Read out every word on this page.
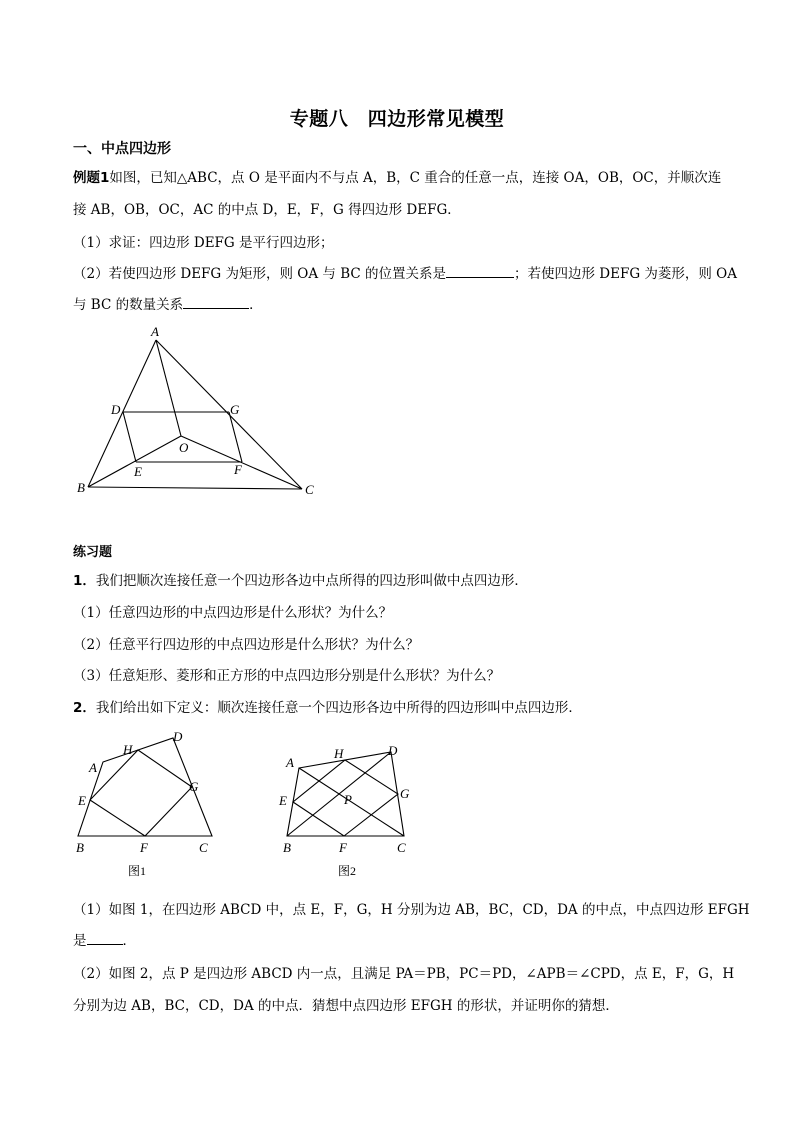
专题八　四边形常见模型
一、中点四边形
例题1如图，已知△ABC，点 O 是平面内不与点 A，B，C 重合的任意一点，连接 OA，OB，OC，并顺次连
接 AB，OB，OC，AC 的中点 D，E，F，G 得四边形 DEFG．
（1）求证：四边形 DEFG 是平行四边形；
（2）若使四边形 DEFG 为矩形，则 OA 与 BC 的位置关系是	；若使四边形 DEFG 为菱形，则 OA
与 BC 的数量关系	．
A
B	C
D	G
O
E	F
练习题
1．我们把顺次连接任意一个四边形各边中点所得的四边形叫做中点四边形．
（1）任意四边形的中点四边形是什么形状？为什么？
（2）任意平行四边形的中点四边形是什么形状？为什么？
（3）任意矩形、菱形和正方形的中点四边形分别是什么形状？为什么？
2．我们给出如下定义：顺次连接任意一个四边形各边中所得的四边形叫中点四边形．
A
D
H
E
G
B	F	C
图1
A
H	D
E	P	G
B	F	C
图2
（1）如图 1，在四边形 ABCD 中，点 E，F，G，H 分别为边 AB，BC，CD，DA 的中点，中点四边形 EFGH
是	．
（2）如图 2，点 P 是四边形 ABCD 内一点，且满足 PA＝PB，PC＝PD，∠APB＝∠CPD，点 E，F，G，H
分别为边 AB，BC，CD，DA 的中点．猜想中点四边形 EFGH 的形状，并证明你的猜想．
